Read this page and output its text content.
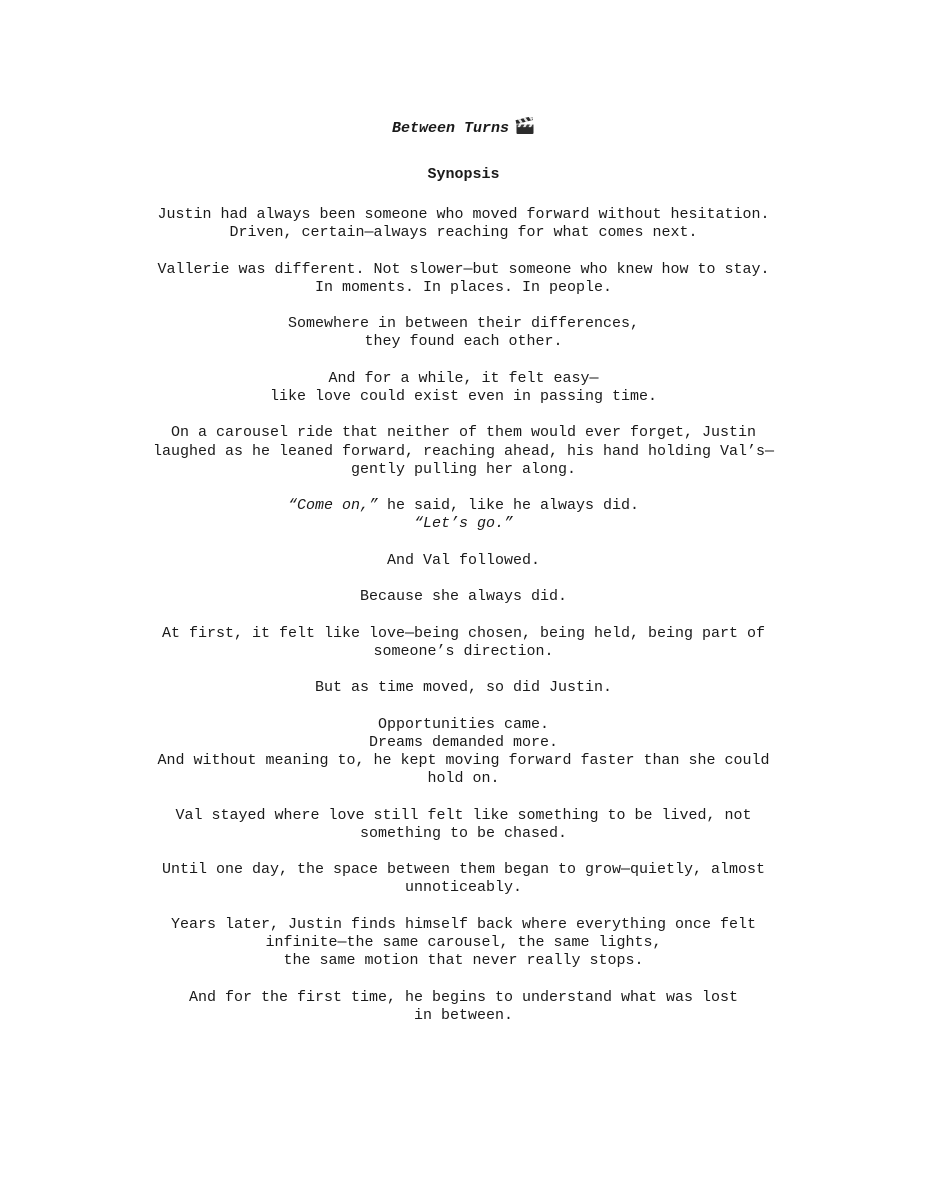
Between Turns
Synopsis

Justin had always been someone who moved forward without hesitation.
Driven, certain—always reaching for what comes next.

Vallerie was different. Not slower—but someone who knew how to stay.
In moments. In places. In people.

Somewhere in between their differences,
they found each other.

And for a while, it felt easy—
like love could exist even in passing time.

On a carousel ride that neither of them would ever forget, Justin
laughed as he leaned forward, reaching ahead, his hand holding Val’s—
gently pulling her along.

“Come on,” he said, like he always did.
“Let’s go.”

And Val followed.

Because she always did.

At first, it felt like love—being chosen, being held, being part of
someone’s direction.

But as time moved, so did Justin.

Opportunities came.
Dreams demanded more.
And without meaning to, he kept moving forward faster than she could
hold on.

Val stayed where love still felt like something to be lived, not
something to be chased.

Until one day, the space between them began to grow—quietly, almost
unnoticeably.

Years later, Justin finds himself back where everything once felt
infinite—the same carousel, the same lights,
the same motion that never really stops.

And for the first time, he begins to understand what was lost
in between.
